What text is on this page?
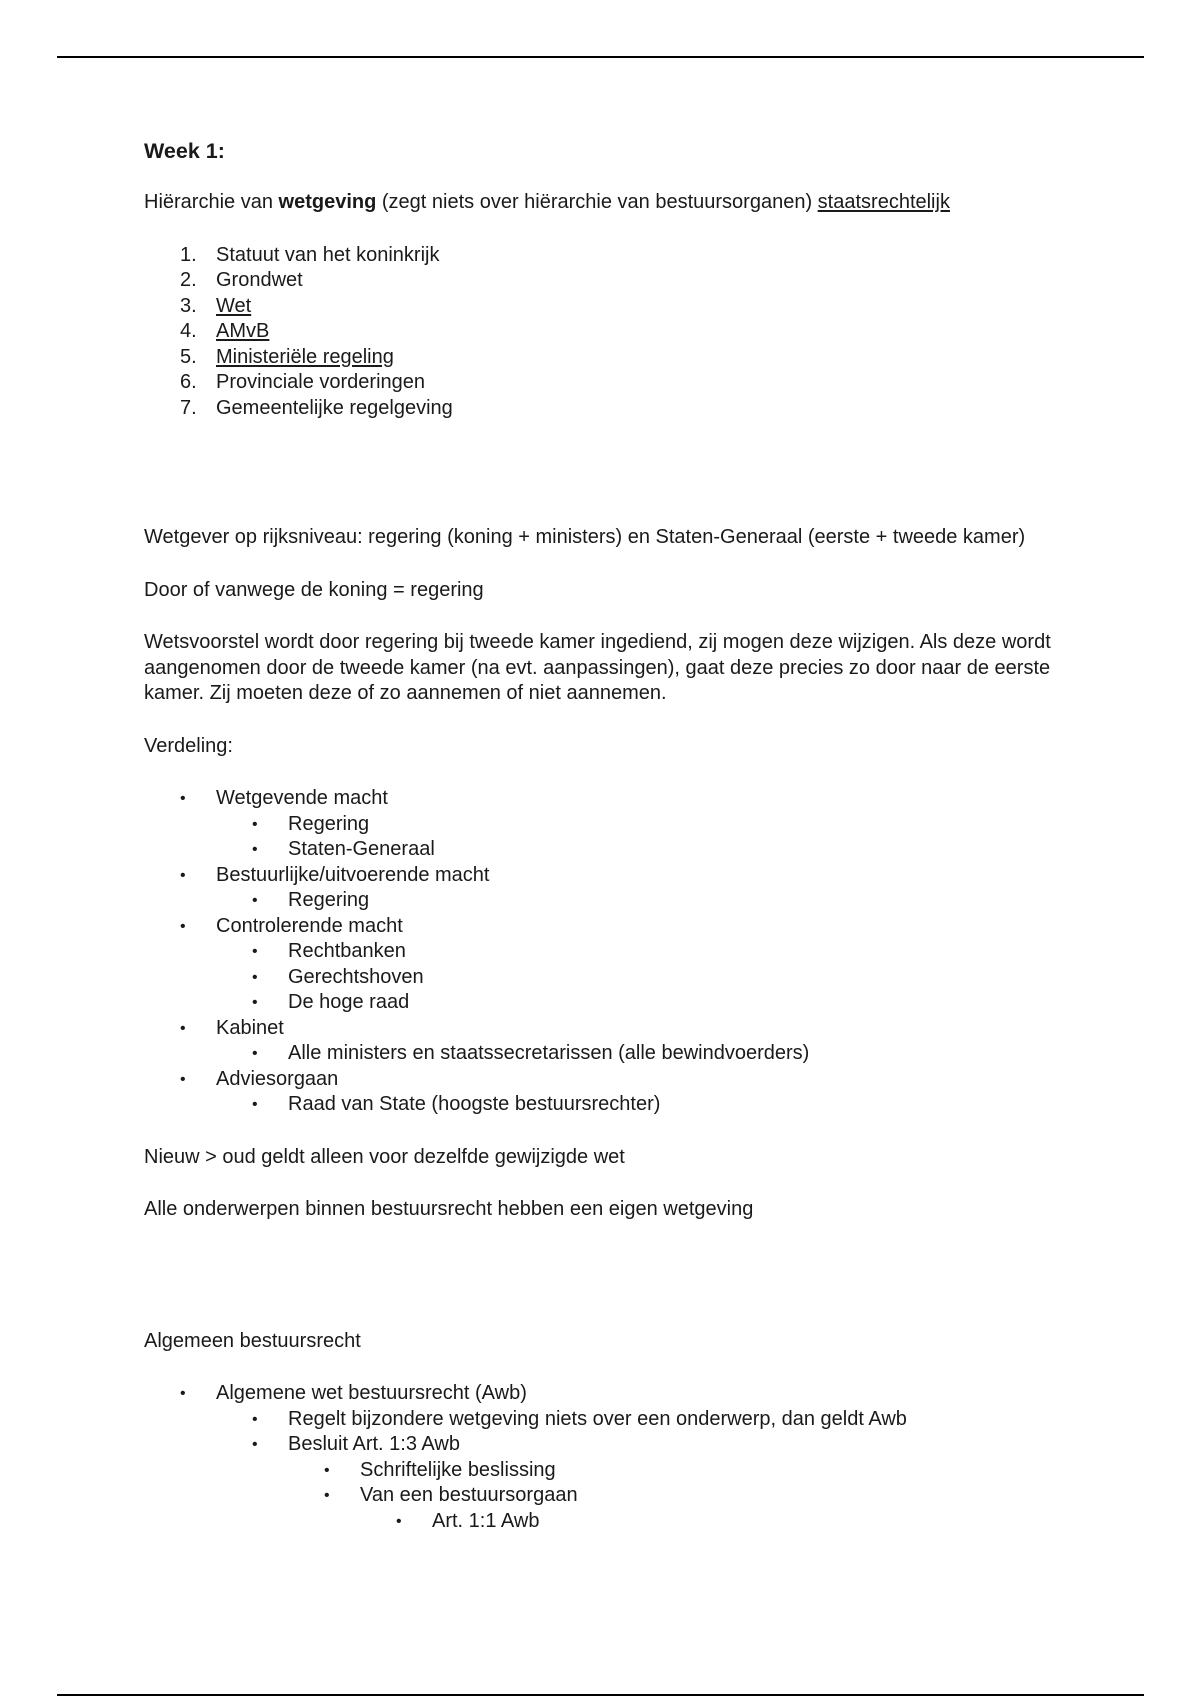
Week 1:

Hiërarchie van wetgeving (zegt niets over hiërarchie van bestuursorganen) staatsrechtelijk

1. Statuut van het koninkrijk
2. Grondwet
3. Wet
4. AMvB
5. Ministeriële regeling
6. Provinciale vorderingen
7. Gemeentelijke regelgeving

Wetgever op rijksniveau: regering (koning + ministers) en Staten-Generaal (eerste + tweede kamer)

Door of vanwege de koning = regering

Wetsvoorstel wordt door regering bij tweede kamer ingediend, zij mogen deze wijzigen. Als deze wordt aangenomen door de tweede kamer (na evt. aanpassingen), gaat deze precies zo door naar de eerste kamer. Zij moeten deze of zo aannemen of niet aannemen.

Verdeling:

• Wetgevende macht
• Regering
• Staten-Generaal
• Bestuurlijke/uitvoerende macht
• Regering
• Controlerende macht
• Rechtbanken
• Gerechtshoven
• De hoge raad
• Kabinet
• Alle ministers en staatssecretarissen (alle bewindvoerders)
• Adviesorgaan
• Raad van State (hoogste bestuursrechter)

Nieuw > oud geldt alleen voor dezelfde gewijzigde wet

Alle onderwerpen binnen bestuursrecht hebben een eigen wetgeving

Algemeen bestuursrecht

• Algemene wet bestuursrecht (Awb)
• Regelt bijzondere wetgeving niets over een onderwerp, dan geldt Awb
• Besluit Art. 1:3 Awb
• Schriftelijke beslissing
• Van een bestuursorgaan
• Art. 1:1 Awb
